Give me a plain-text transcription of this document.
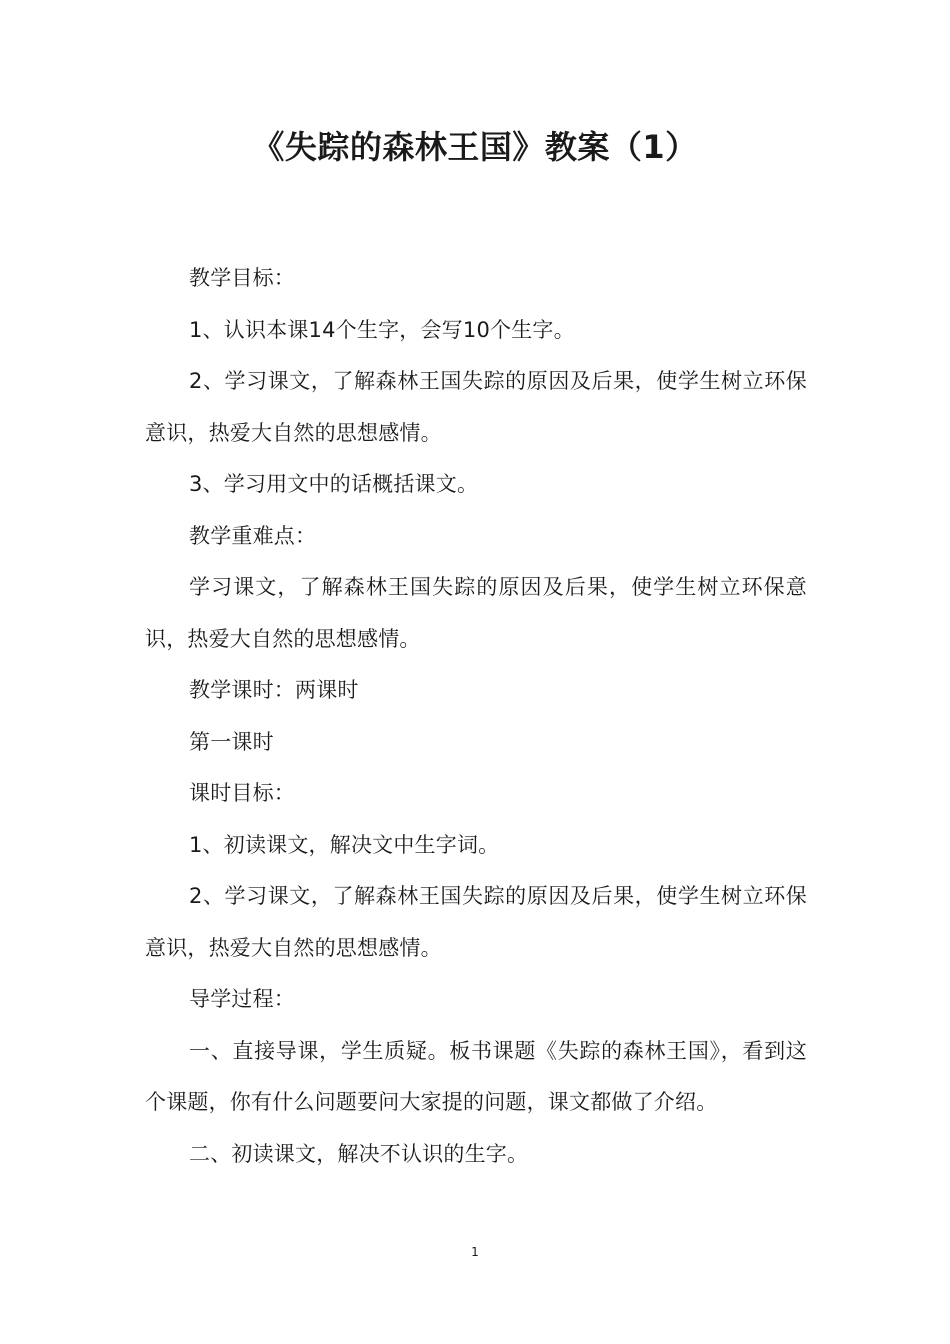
《失踪的森林王国》教案（1）

教学目标：

1、认识本课14个生字，会写10个生字。

2、学习课文，了解森林王国失踪的原因及后果，使学生树立环保意识，热爱大自然的思想感情。

3、学习用文中的话概括课文。

教学重难点：

学习课文，了解森林王国失踪的原因及后果，使学生树立环保意识，热爱大自然的思想感情。

教学课时：两课时

第一课时

课时目标：

1、初读课文，解决文中生字词。

2、学习课文，了解森林王国失踪的原因及后果，使学生树立环保意识，热爱大自然的思想感情。

导学过程：

一、直接导课，学生质疑。板书课题《失踪的森林王国》，看到这个课题，你有什么问题要问大家提的问题，课文都做了介绍。

二、初读课文，解决不认识的生字。

1
